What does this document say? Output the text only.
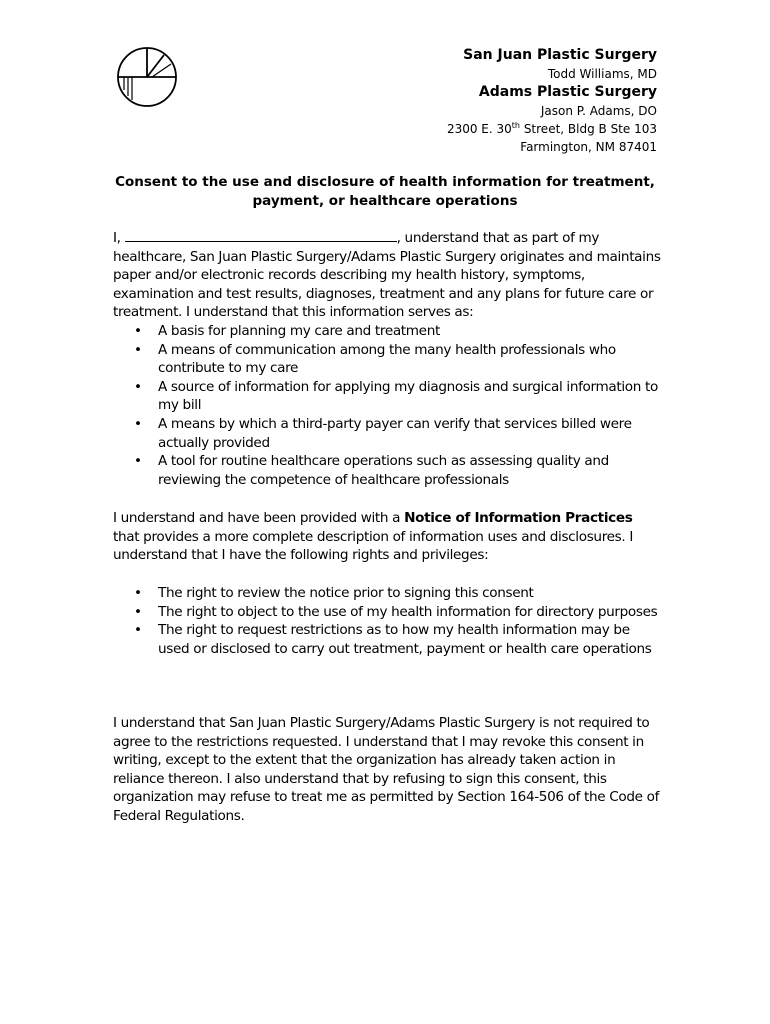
San Juan Plastic Surgery
Todd Williams, MD
Adams Plastic Surgery
Jason P. Adams, DO
2300 E. 30th Street, Bldg B Ste 103
Farmington, NM 87401
Consent to the use and disclosure of health information for treatment,
payment, or healthcare operations
I,	, understand that as part of my healthcare, San Juan Plastic Surgery/Adams Plastic Surgery originates and maintains paper and/or electronic records describing my health history, symptoms, examination and test results, diagnoses, treatment and any plans for future care or treatment. I understand that this information serves as:
• A basis for planning my care and treatment
• A means of communication among the many health professionals who contribute to my care
• A source of information for applying my diagnosis and surgical information to my bill
• A means by which a third-party payer can verify that services billed were actually provided
• A tool for routine healthcare operations such as assessing quality and reviewing the competence of healthcare professionals
I understand and have been provided with a Notice of Information Practices that provides a more complete description of information uses and disclosures. I understand that I have the following rights and privileges:
• The right to review the notice prior to signing this consent
• The right to object to the use of my health information for directory purposes
• The right to request restrictions as to how my health information may be used or disclosed to carry out treatment, payment or health care operations
I understand that San Juan Plastic Surgery/Adams Plastic Surgery is not required to agree to the restrictions requested. I understand that I may revoke this consent in writing, except to the extent that the organization has already taken action in reliance thereon. I also understand that by refusing to sign this consent, this organization may refuse to treat me as permitted by Section 164-506 of the Code of Federal Regulations.
